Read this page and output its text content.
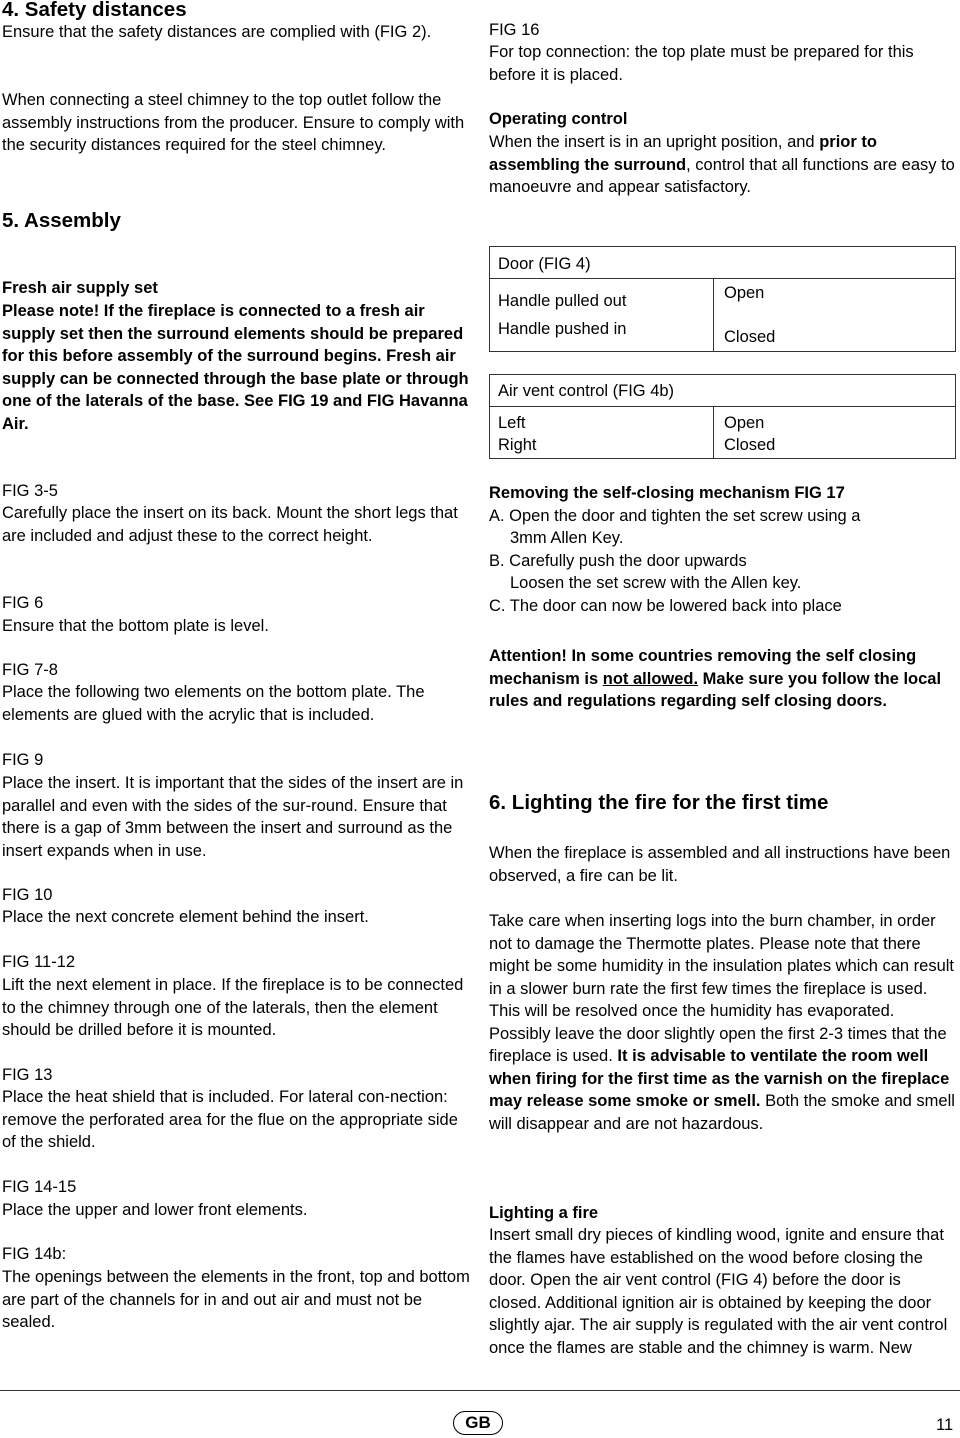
4. Safety distances

Ensure that the safety distances are complied with (FIG 2).

When connecting a steel chimney to the top outlet follow the assembly instructions from the producer. Ensure to comply with the security distances required for the steel chimney.

5. Assembly

Fresh air supply set

Please note! If the fireplace is connected to a fresh air supply set then the surround elements should be prepared for this before assembly of the surround begins. Fresh air supply can be connected through the base plate or through one of the laterals of the base. See FIG 19 and FIG Havanna Air.

FIG 3-5

Carefully place the insert on its back. Mount the short legs that are included and adjust these to the correct height.

FIG 6

Ensure that the bottom plate is level.

FIG 7-8

Place the following two elements on the bottom plate. The elements are glued with the acrylic that is included.

FIG 9

Place the insert. It is important that the sides of the insert are in parallel and even with the sides of the sur-round. Ensure that there is a gap of 3mm between the insert and surround as the insert expands when in use.

FIG 10

Place the next concrete element behind the insert.

FIG 11-12

Lift the next element in place. If the fireplace is to be connected to the chimney through one of the laterals, then the element should be drilled before it is mounted.

FIG 13

Place the heat shield that is included. For lateral con-nection: remove the perforated area for the flue on the appropriate side of the shield.

FIG 14-15

Place the upper and lower front elements.

FIG 14b:

The openings between the elements in the front, top and bottom are part of the channels for in and out air and must not be sealed.

FIG 16

For top connection: the top plate must be prepared for this before it is placed.

Operating control

When the insert is in an upright position, and prior to assembling the surround, control that all functions are easy to manoeuvre and appear satisfactory.

Door (FIG 4)
Handle pulled out
Handle pushed in
Open
Closed
Air vent control (FIG 4b)
Left
Right
Open
Closed

Removing the self-closing mechanism FIG 17

A. Open the door and tighten the set screw using a

3mm Allen Key.

B. Carefully push the door upwards

Loosen the set screw with the Allen key.

C. The door can now be lowered back into place

Attention! In some countries removing the self closing mechanism is not allowed. Make sure you follow the local rules and regulations regarding self closing doors.

6. Lighting the fire for the first time

When the fireplace is assembled and all instructions have been observed, a fire can be lit.

Take care when inserting logs into the burn chamber, in order not to damage the Thermotte plates. Please note that there might be some humidity in the insulation plates which can result in a slower burn rate the first few times the fireplace is used. This will be resolved once the humidity has evaporated. Possibly leave the door slightly open the first 2-3 times that the fireplace is used. It is advisable to ventilate the room well when firing for the first time as the varnish on the fireplace may release some smoke or smell. Both the smoke and smell will disappear and are not hazardous.

Lighting a fire

Insert small dry pieces of kindling wood, ignite and ensure that the flames have established on the wood before closing the door. Open the air vent control (FIG 4) before the door is closed. Additional ignition air is obtained by keeping the door slightly ajar. The air supply is regulated with the air vent control once the flames are stable and the chimney is warm. New

GB	11
